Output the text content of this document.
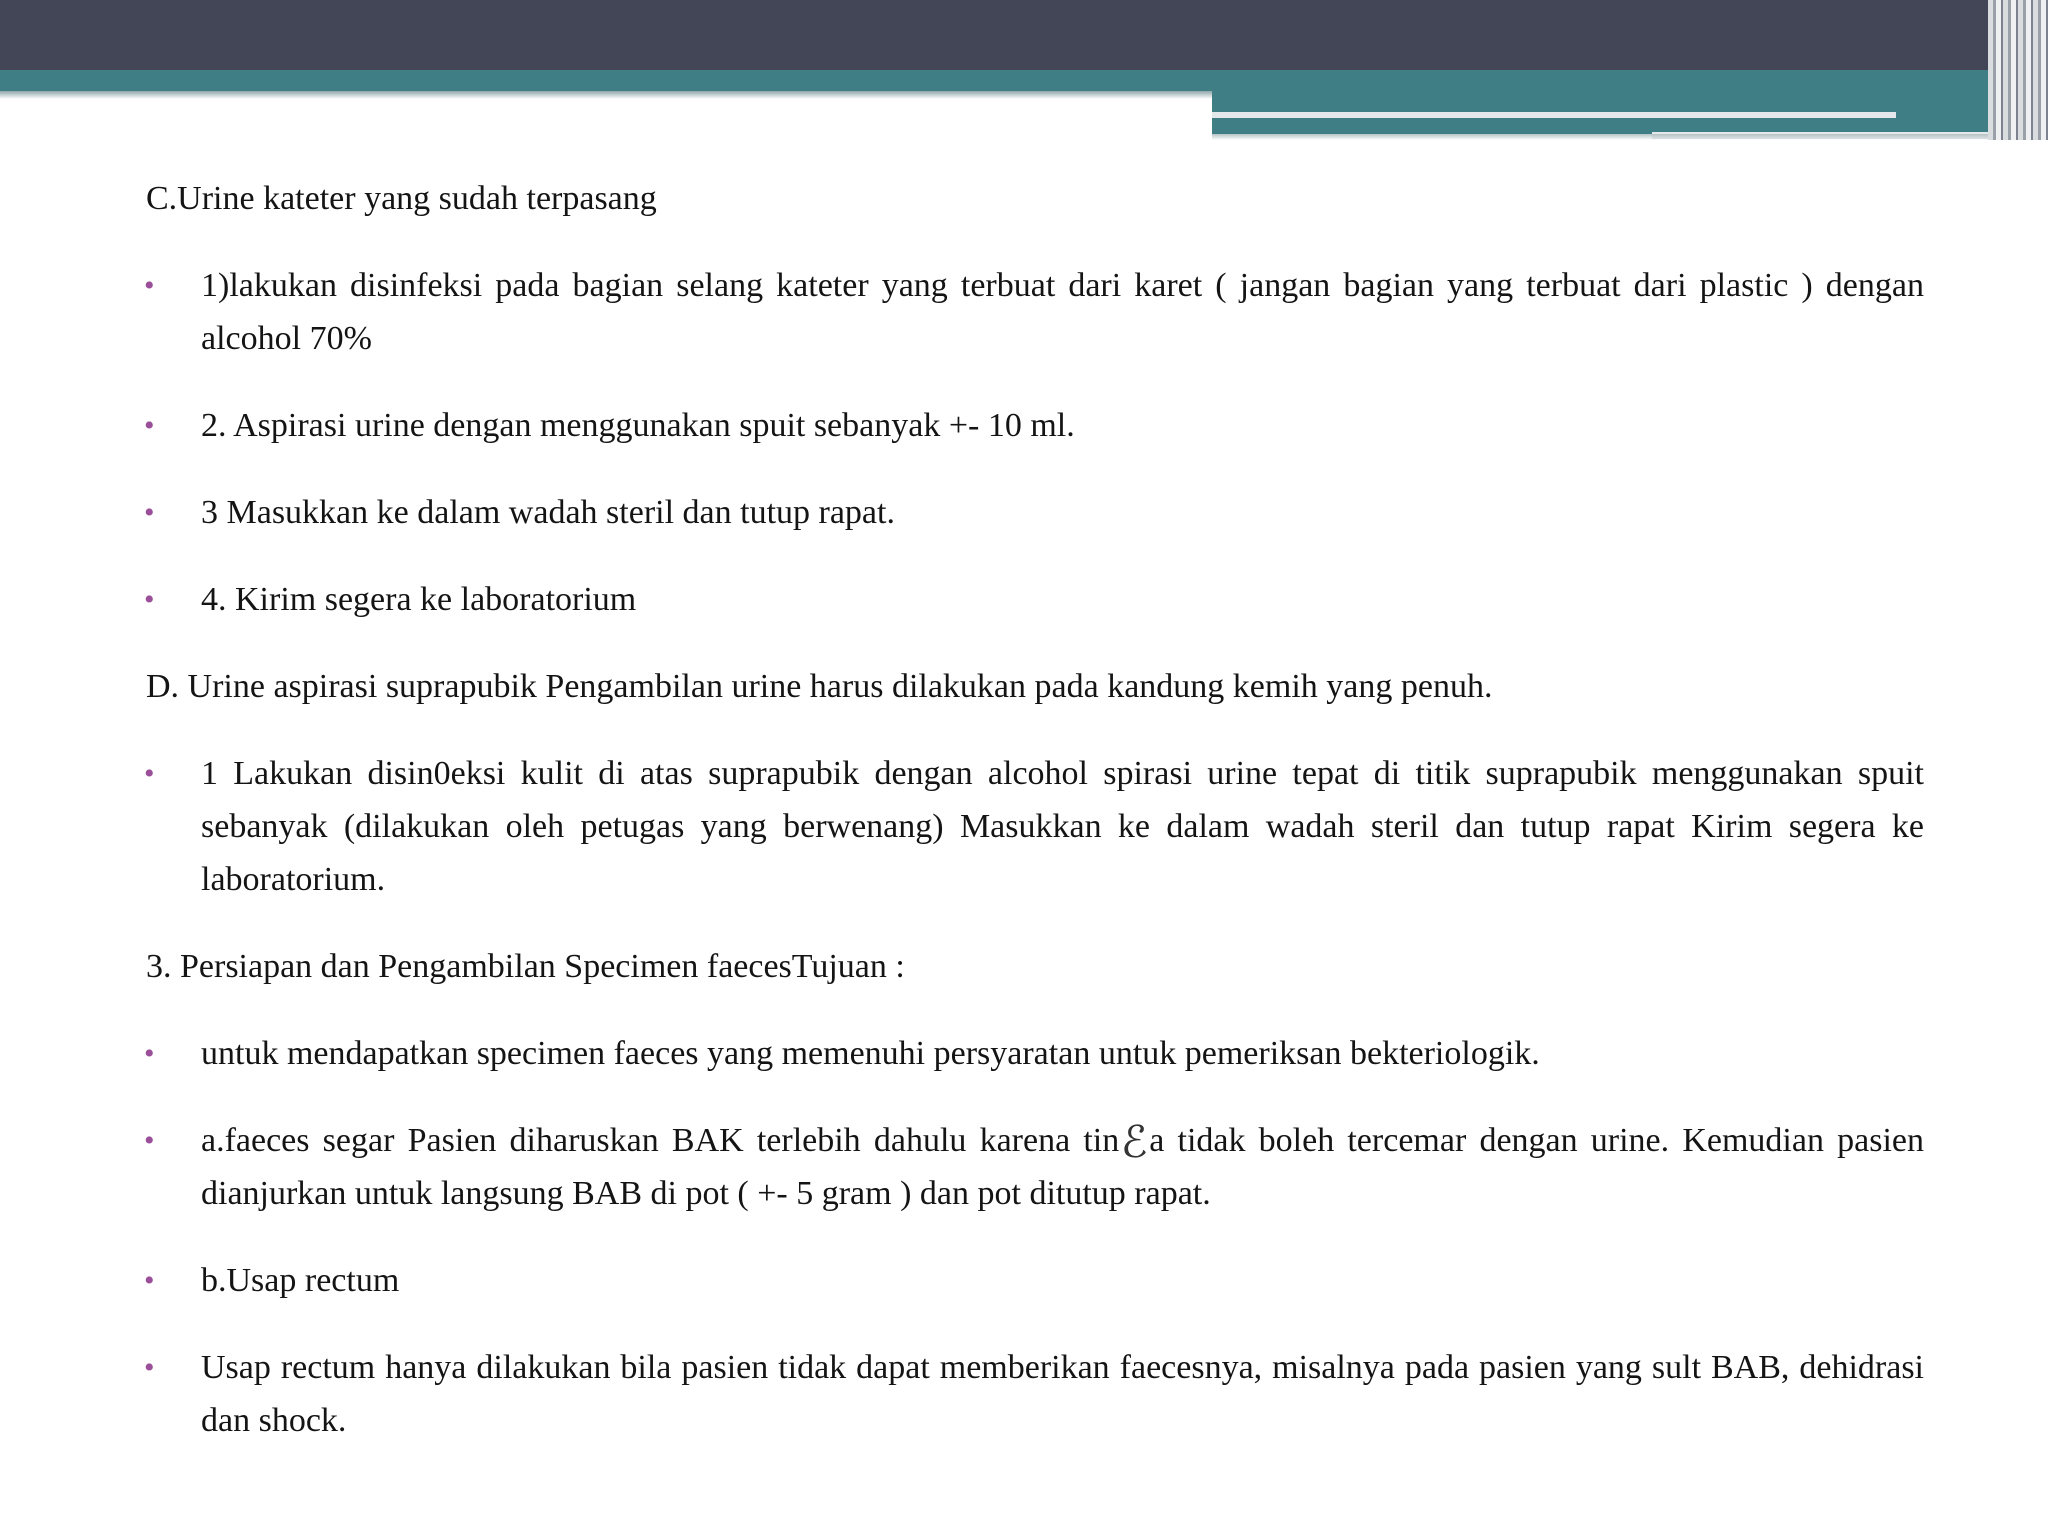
C.Urine kateter yang sudah terpasang

• 1)lakukan disinfeksi pada bagian selang kateter yang terbuat dari karet ( jangan bagian yang terbuat dari plastic ) dengan alcohol 70%
• 2. Aspirasi urine dengan menggunakan spuit sebanyak +- 10 ml.
• 3 Masukkan ke dalam wadah steril dan tutup rapat.
• 4. Kirim segera ke laboratorium

D. Urine aspirasi suprapubik Pengambilan urine harus dilakukan pada kandung kemih yang penuh.

• 1 Lakukan disin0eksi kulit di atas suprapubik dengan alcohol spirasi urine tepat di titik suprapubik menggunakan spuit sebanyak (dilakukan oleh petugas yang berwenang) Masukkan ke dalam wadah steril dan tutup rapat Kirim segera ke laboratorium.

3. Persiapan dan Pengambilan Specimen faecesTujuan :

• untuk mendapatkan specimen faeces yang memenuhi persyaratan untuk pemeriksan bekteriologik.
• a.faeces segar Pasien diharuskan BAK terlebih dahulu karena tinℰa tidak boleh tercemar dengan urine. Kemudian pasien dianjurkan untuk langsung BAB di pot ( +- 5 gram ) dan pot ditutup rapat.
• b.Usap rectum
• Usap rectum hanya dilakukan bila pasien tidak dapat memberikan faecesnya, misalnya pada pasien yang sult BAB, dehidrasi dan shock.
